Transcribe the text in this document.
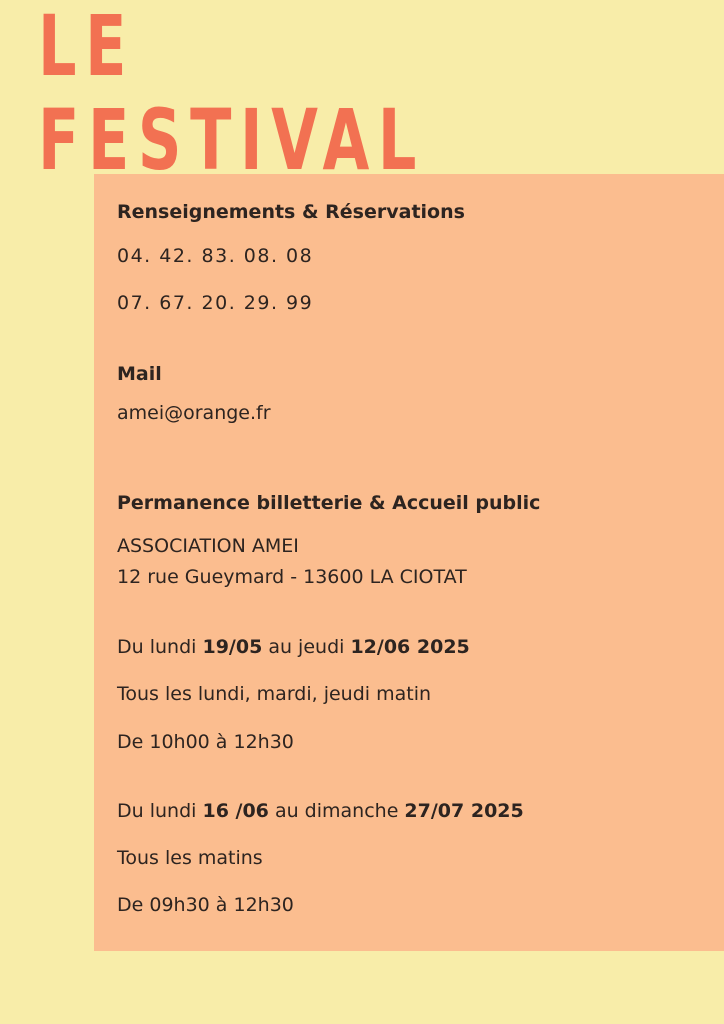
LE
FESTIVAL

Renseignements & Réservations

04. 42. 83. 08. 08

07. 67. 20. 29. 99

Mail

amei@orange.fr

Permanence billetterie & Accueil public

ASSOCIATION AMEI

12 rue Gueymard - 13600 LA CIOTAT

Du lundi 19/05 au jeudi 12/06 2025

Tous les lundi, mardi, jeudi matin

De 10h00 à 12h30

Du lundi 16 /06 au dimanche 27/07 2025

Tous les matins

De 09h30 à 12h30
